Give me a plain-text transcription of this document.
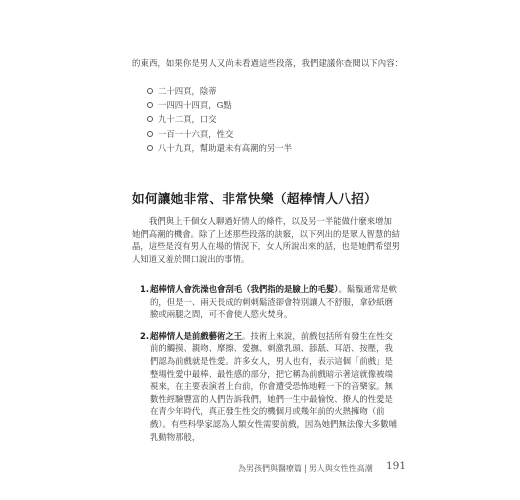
的東西，如果你是男人又尚未看過這些段落，我們建議你查閱以下內容：
二十四頁，陰蒂
一四四十四頁，G點
九十二頁，口交
一百一十六頁，性交
八十九頁，幫助還未有高潮的另一半
如何讓她非常、非常快樂（超棒情人八招）

我們與上千個女人聊過好情人的條件，以及另一半能做什麼來增加她們高潮的機會。除了上述那些段落的訣竅，以下列出的是眾人智慧的結晶，這些是沒有男人在場的情況下，女人所說出來的話，也是她們希望男人知道又羞於開口說出的事情。

1. 超棒情人會洗澡也會刮毛（我們指的是臉上的毛髮）。鬍鬚通常是軟的，但是一、兩天長成的刺刺鬍渣卻會特別讓人不舒服，拿砂紙磨臉或兩腿之間，可不會使人慾火焚身。
2. 超棒情人是前戲藝術之王。技術上來說，前戲包括所有發生在性交前的觸摸、親吻、摩擦、愛撫、刺激乳頭、舔舐、耳語、按壓，我們認為前戲就是性愛。許多女人，男人也有，表示這個「前戲」是整場性愛中最棒、最性感的部分，把它稱為前戲暗示著這就像被端視來，在主要表演者上台前，你會遭受恐怖地輕一下的音樂家。無數性經驗豐富的人們告訴我們，她們一生中最愉悅、撩人的性愛是在青少年時代，真正發生性交的機個月或幾年前的火熱擁吻（前戲）。有些科學家認為人類女性需要前戲，因為她們無法像大多數哺乳動物那般，
為男孩們與醫療篇 | 男人與女性性高潮 191
